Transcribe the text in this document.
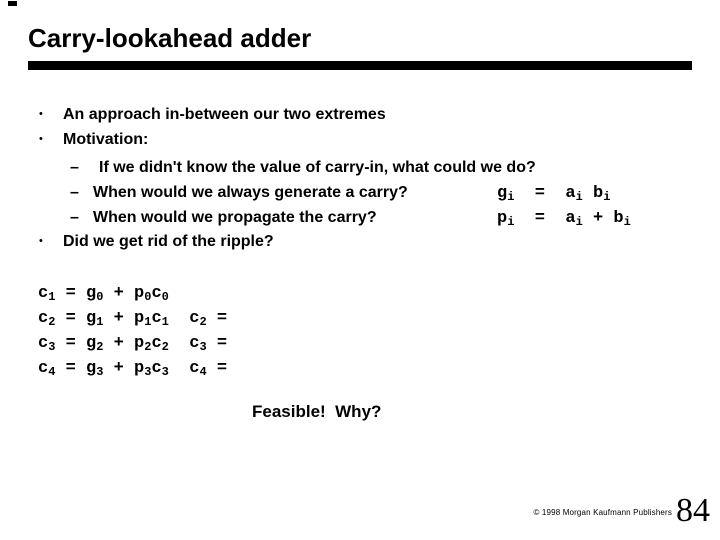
Carry-lookahead adder
• An approach in-between our two extremes
• Motivation:
– If we didn't know the value of carry-in, what could we do?
– When would we always generate a carry?	$g_i = a_i$ $b_i$
– When would we propagate the carry?	$p_i = a_i + b_i$
• Did we get rid of the ripple?
$c_1 = g_0 + p_0c_0$
$c_2 = g_1 + p_1c_1$  $c_2$ =
$c_3 = g_2 + p_2c_2$  $c_3$ =
$c_4 = g_3 + p_3c_3$  $c_4$ =
Feasible!  Why?
© 1998 Morgan Kaufmann Publishers 84
